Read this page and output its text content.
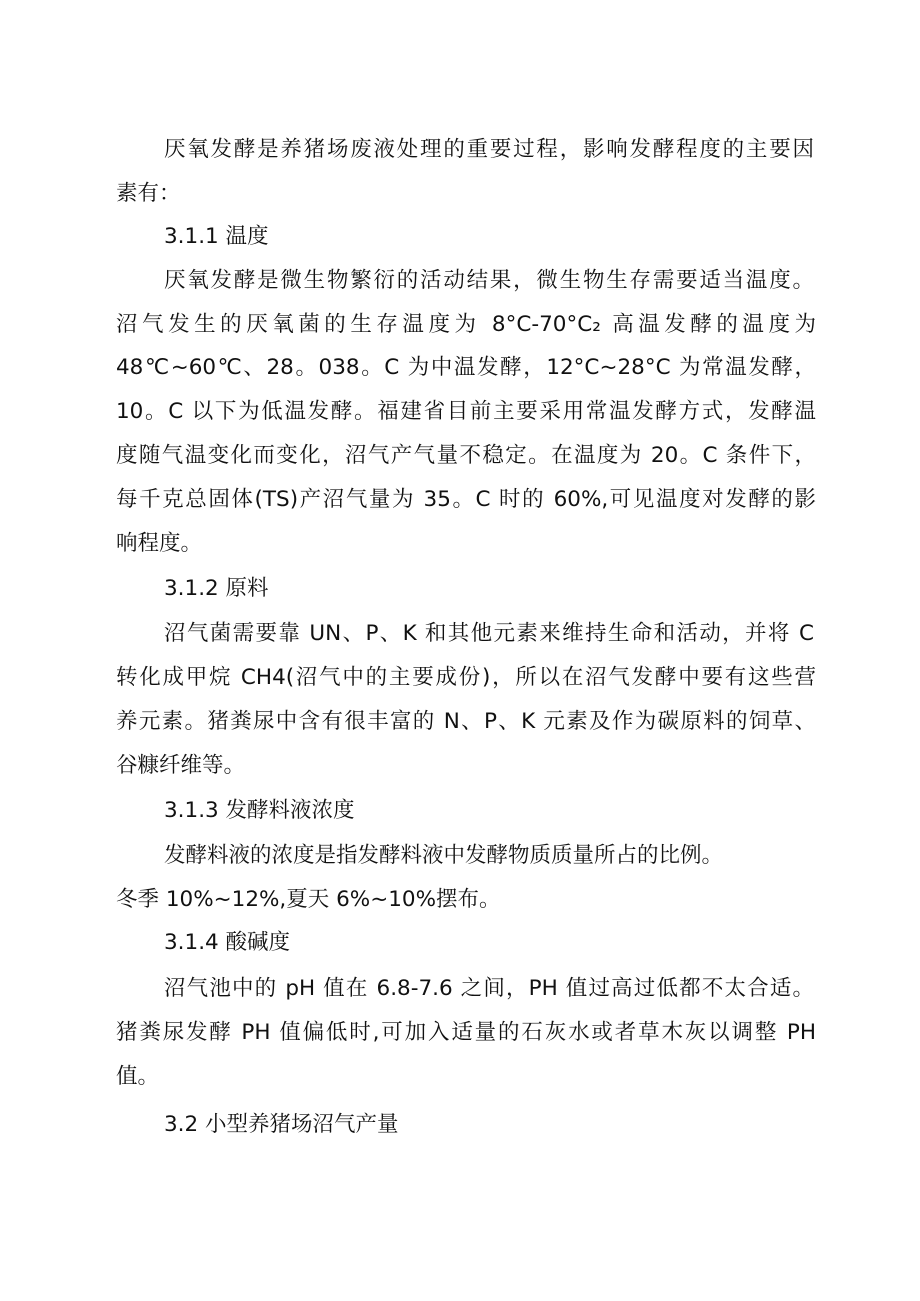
厌氧发酵是养猪场废液处理的重要过程，影响发酵程度的主要因
素有：
3.1.1 温度
厌氧发酵是微生物繁衍的活动结果，微生物生存需要适当温度。
沼气发生的厌氧菌的生存温度为 8°C-70°C₂ 高温发酵的温度为
48℃~60℃、28。038。C 为中温发酵，12°C~28°C 为常温发酵，
10。C 以下为低温发酵。福建省目前主要采用常温发酵方式，发酵温
度随气温变化而变化，沼气产气量不稳定。在温度为 20。C 条件下，
每千克总固体(TS)产沼气量为 35。C 时的 60%,可见温度对发酵的影
响程度。
3.1.2 原料
沼气菌需要靠 UN、P、K 和其他元素来维持生命和活动，并将 C
转化成甲烷 CH4(沼气中的主要成份)，所以在沼气发酵中要有这些营
养元素。猪粪尿中含有很丰富的 N、P、K 元素及作为碳原料的饲草、
谷糠纤维等。
3.1.3 发酵料液浓度
发酵料液的浓度是指发酵料液中发酵物质质量所占的比例。
冬季 10%~12%,夏天 6%~10%摆布。
3.1.4 酸碱度
沼气池中的 pH 值在 6.8-7.6 之间，PH 值过高过低都不太合适。
猪粪尿发酵 PH 值偏低时,可加入适量的石灰水或者草木灰以调整 PH
值。
3.2 小型养猪场沼气产量
